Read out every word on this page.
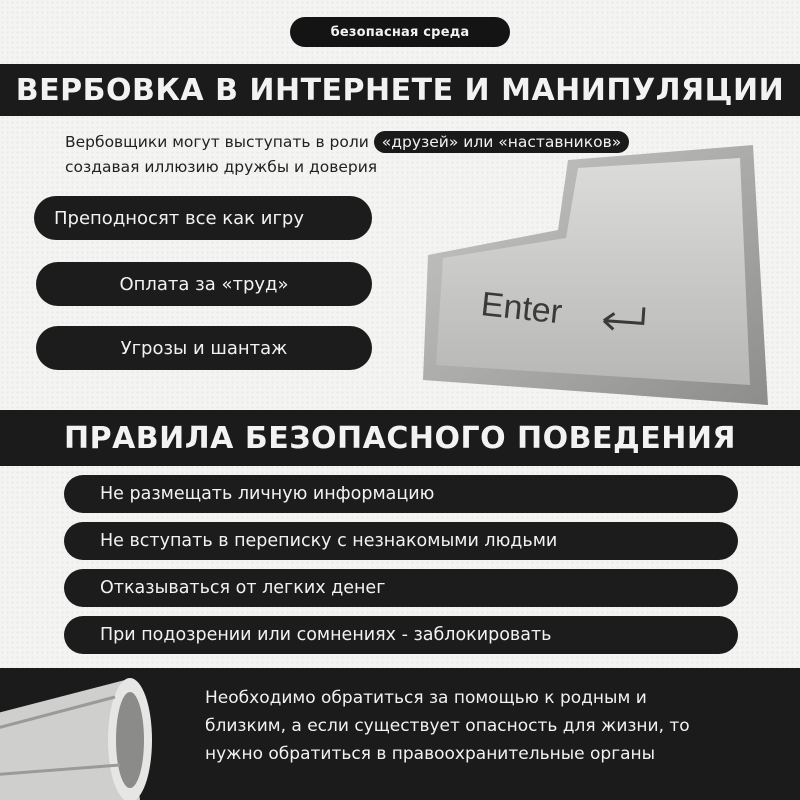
безопасная среда
ВЕРБОВКА В ИНТЕРНЕТЕ И МАНИПУЛЯЦИИ
Вербовщики могут выступать в роли «друзей» или «наставников»
создавая иллюзию дружбы и доверия
Преподносят все как игру
Оплата за «труд»
Угрозы и шантаж
Enter
ПРАВИЛА БЕЗОПАСНОГО ПОВЕДЕНИЯ
Не размещать личную информацию
Не вступать в переписку с незнакомыми людьми
Отказываться от легких денег
При подозрении или сомнениях - заблокировать
Необходимо обратиться за помощью к родным и
близким, а если существует опасность для жизни, то
нужно обратиться в правоохранительные органы
